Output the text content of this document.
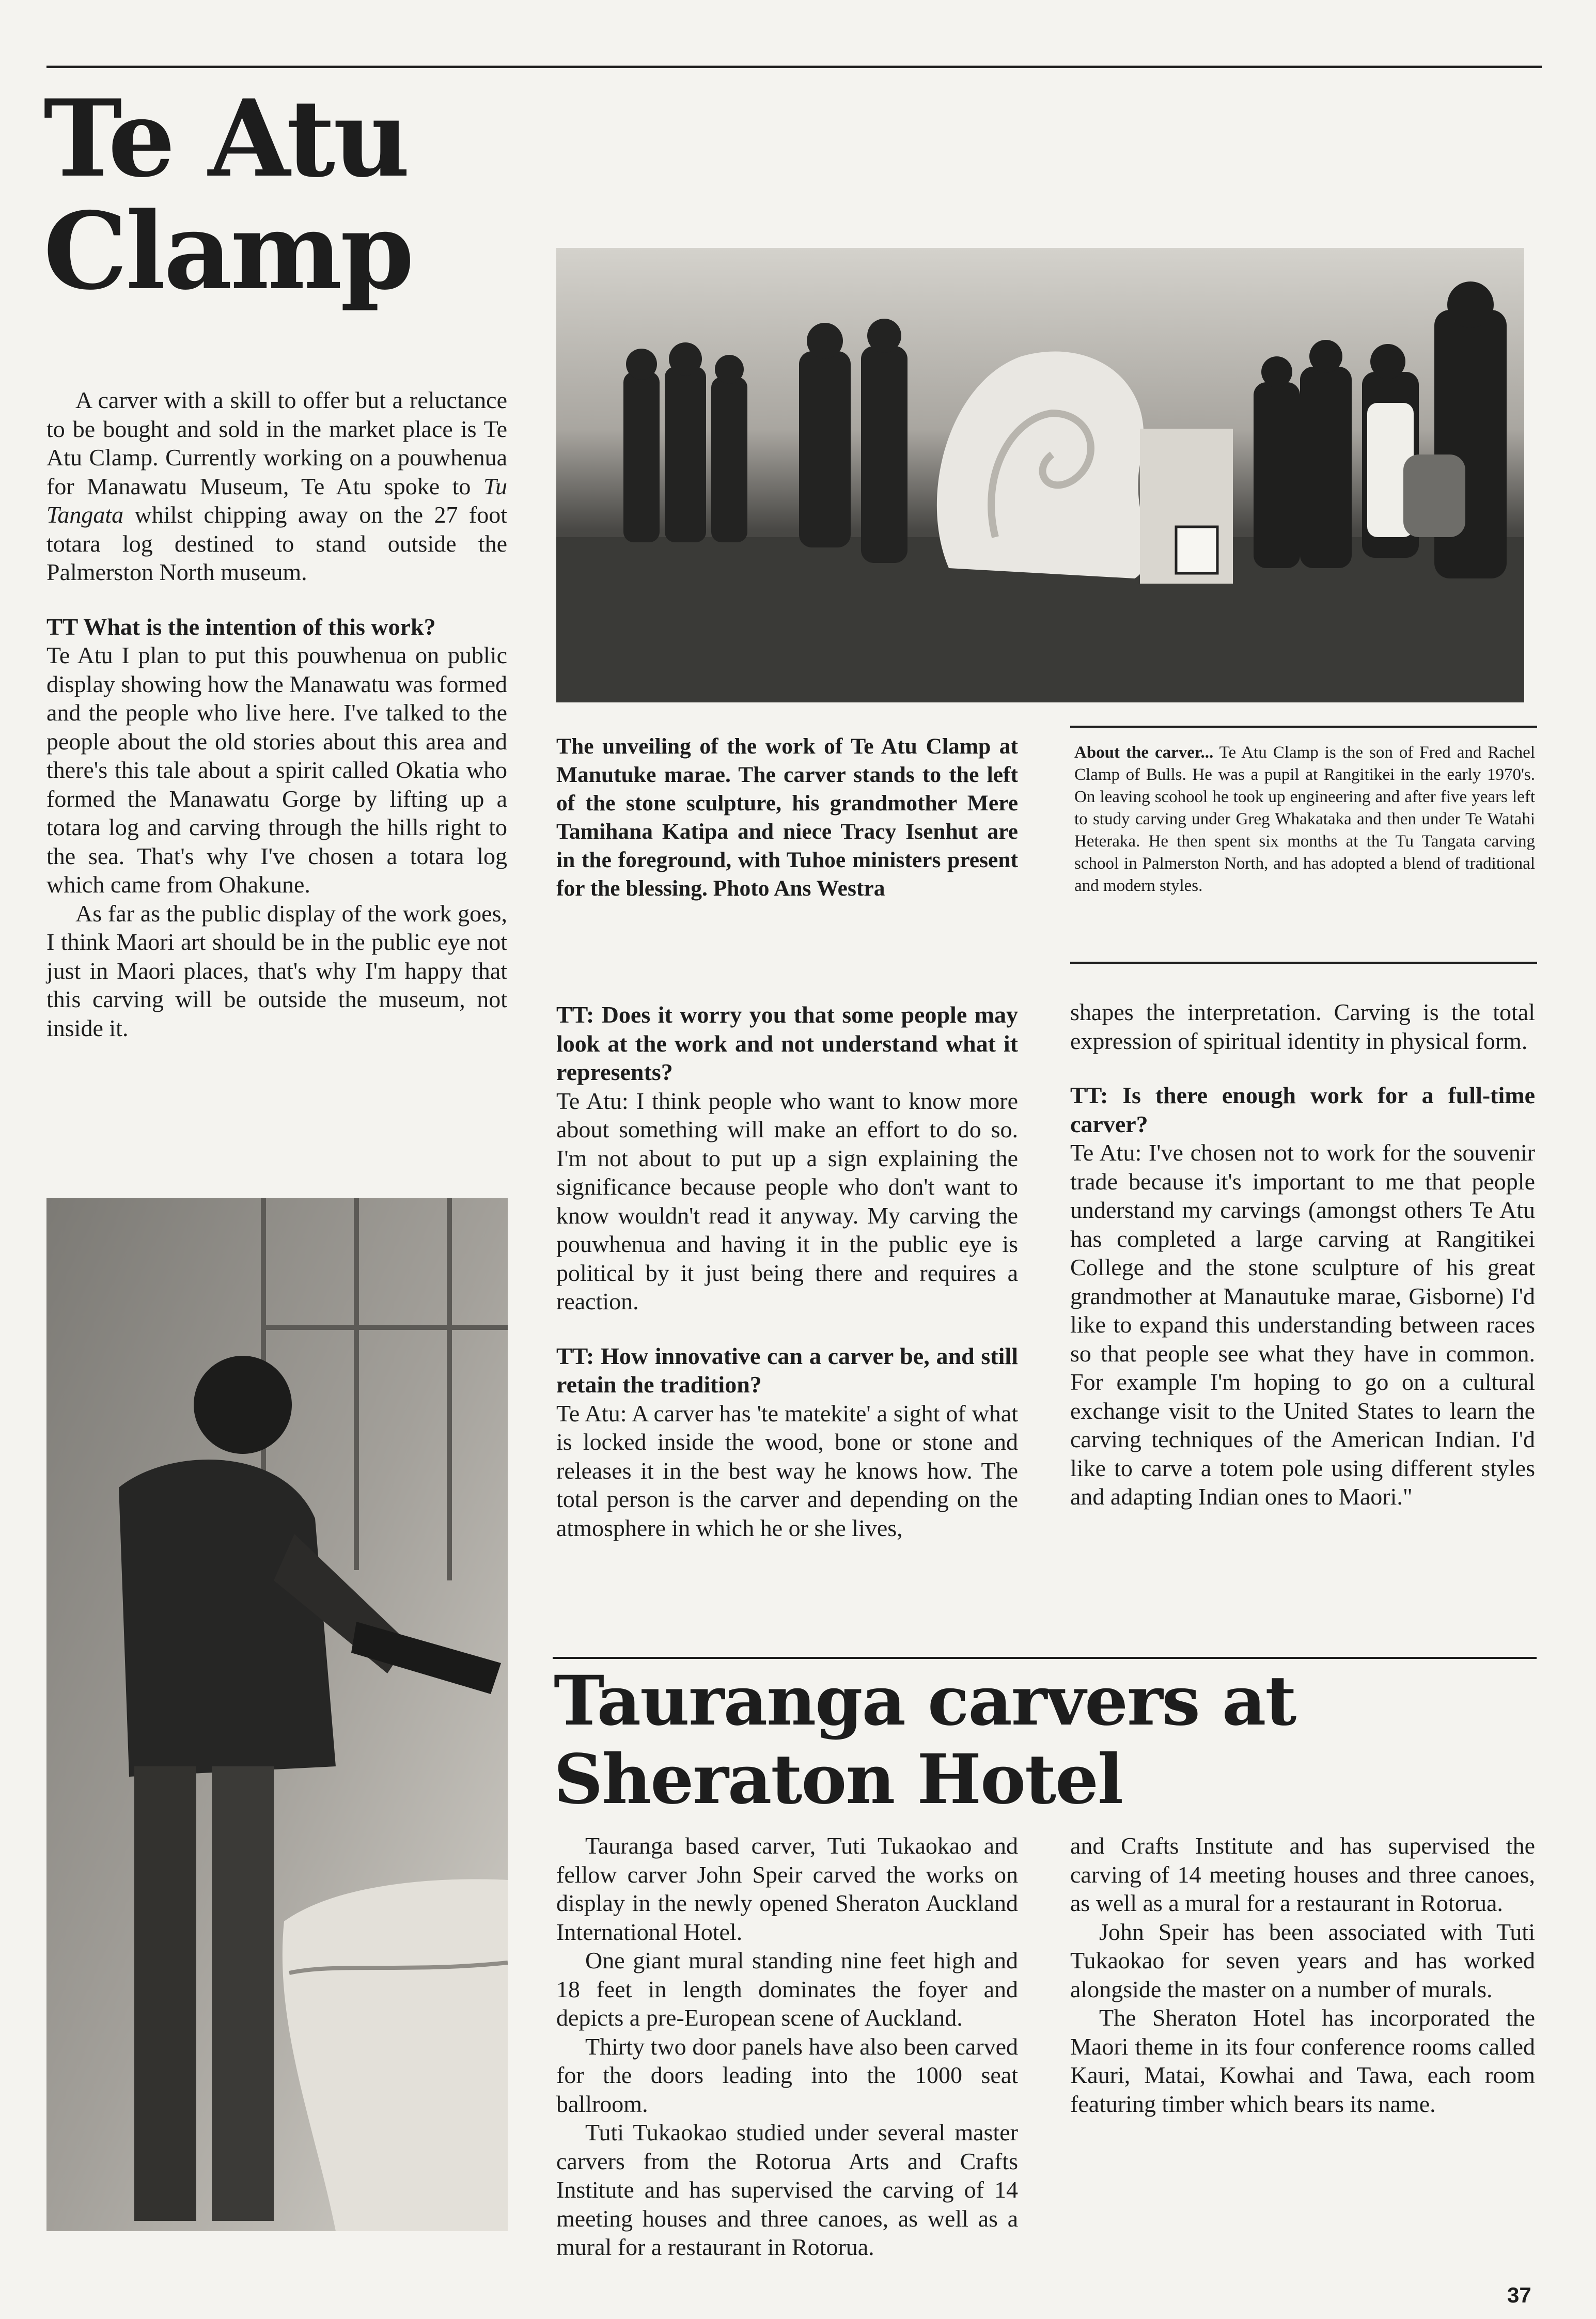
Te Atu
Clamp

A carver with a skill to offer but a reluctance to be bought and sold in the market place is Te Atu Clamp. Currently working on a pouwhenua for Manawatu Museum, Te Atu spoke to Tu Tangata whilst chipping away on the 27 foot totara log destined to stand outside the Palmerston North museum.

TT What is the intention of this work?

Te Atu I plan to put this pouwhenua on public display showing how the Manawatu was formed and the people who live here. I've talked to the people about the old stories about this area and there's this tale about a spirit called Okatia who formed the Manawatu Gorge by lifting up a totara log and carving through the hills right to the sea. That's why I've chosen a totara log which came from Ohakune.

As far as the public display of the work goes, I think Maori art should be in the public eye not just in Maori places, that's why I'm happy that this carving will be outside the museum, not inside it.

The unveiling of the work of Te Atu Clamp at Manutuke marae. The carver stands to the left of the stone sculpture, his grandmother Mere Tamihana Katipa and niece Tracy Isenhut are in the foreground, with Tuhoe ministers present for the blessing. Photo Ans Westra
About the carver... Te Atu Clamp is the son of Fred and Rachel Clamp of Bulls. He was a pupil at Rangitikei in the early 1970's. On leaving scohool he took up engineering and after five years left to study carving under Greg Whakataka and then under Te Watahi Heteraka. He then spent six months at the Tu Tangata carving school in Palmerston North, and has adopted a blend of traditional and modern styles.

TT: Does it worry you that some people may look at the work and not understand what it represents?

Te Atu: I think people who want to know more about something will make an effort to do so. I'm not about to put up a sign explaining the significance because people who don't want to know wouldn't read it anyway. My carving the pouwhenua and having it in the public eye is political by it just being there and requires a reaction.

TT: How innovative can a carver be, and still retain the tradition?

Te Atu: A carver has 'te matekite' a sight of what is locked inside the wood, bone or stone and releases it in the best way he knows how. The total person is the carver and depending on the atmosphere in which he or she lives,

shapes the interpretation. Carving is the total expression of spiritual identity in physical form.

TT: Is there enough work for a full-time carver?

Te Atu: I've chosen not to work for the souvenir trade because it's important to me that people understand my carvings (amongst others Te Atu has completed a large carving at Rangitikei College and the stone sculpture of his great grandmother at Manautuke marae, Gisborne) I'd like to expand this understanding between races so that people see what they have in common. For example I'm hoping to go on a cultural exchange visit to the United States to learn the carving techniques of the American Indian. I'd like to carve a totem pole using different styles and adapting Indian ones to Maori."

Tauranga carvers at Sheraton Hotel

Tauranga based carver, Tuti Tukaokao and fellow carver John Speir carved the works on display in the newly opened Sheraton Auckland International Hotel.

One giant mural standing nine feet high and 18 feet in length dominates the foyer and depicts a pre-European scene of Auckland.

Thirty two door panels have also been carved for the doors leading into the 1000 seat ballroom.

Tuti Tukaokao studied under several master carvers from the Rotorua Arts and Crafts Institute and has supervised the carving of 14 meeting houses and three canoes, as well as a mural for a restaurant in Rotorua.

and Crafts Institute and has supervised the carving of 14 meeting houses and three canoes, as well as a mural for a restaurant in Rotorua.

John Speir has been associated with Tuti Tukaokao for seven years and has worked alongside the master on a number of murals.

The Sheraton Hotel has incorporated the Maori theme in its four conference rooms called Kauri, Matai, Kowhai and Tawa, each room featuring timber which bears its name.

37
